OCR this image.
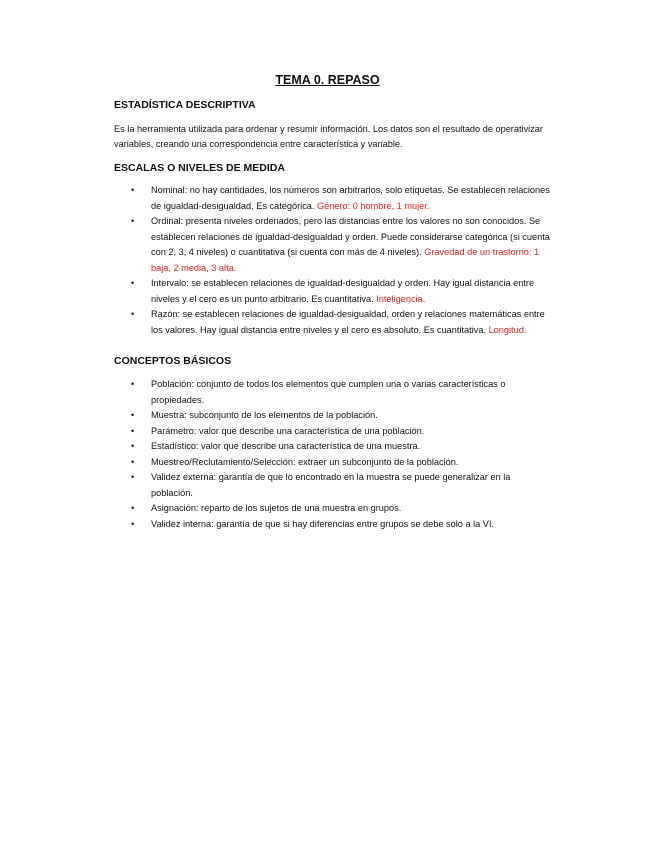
TEMA 0. REPASO
ESTADÍSTICA DESCRIPTIVA
Es la herramienta utilizada para ordenar y resumir información. Los datos son el resultado de operativizar variables, creando una correspondencia entre característica y variable.
ESCALAS O NIVELES DE MEDIDA
• Nominal: no hay cantidades, los números son arbitrarios, solo etiquetas. Se establecen relaciones de igualdad-desigualdad. Es categórica. Género: 0 hombre, 1 mujer.
• Ordinal: presenta niveles ordenados, pero las distancias entre los valores no son conocidos. Se establecen relaciones de igualdad-desigualdad y orden. Puede considerarse categórica (si cuenta con 2, 3, 4 niveles) o cuantitativa (si cuenta con más de 4 niveles). Gravedad de un trastorno: 1 baja, 2 media, 3 alta.
• Intervalo: se establecen relaciones de igualdad-desigualdad y orden. Hay igual distancia entre niveles y el cero es un punto arbitrario. Es cuantitativa. Inteligencia.
• Razón: se establecen relaciones de igualdad-desigualdad, orden y relaciones matemáticas entre los valores. Hay igual distancia entre niveles y el cero es absoluto. Es cuantitativa. Longitud.
CONCEPTOS BÁSICOS
• Población: conjunto de todos los elementos que cumplen una o varias características o propiedades.
• Muestra: subconjunto de los elementos de la población.
• Parámetro: valor que describe una característica de una población.
• Estadístico: valor que describe una característica de una muestra.
• Muestreo/Reclutamiento/Selección: extraer un subconjunto de la población.
• Validez externa: garantía de que lo encontrado en la muestra se puede generalizar en la población.
• Asignación: reparto de los sujetos de una muestra en grupos.
• Validez interna: garantía de que si hay diferencias entre grupos se debe solo a la VI.
